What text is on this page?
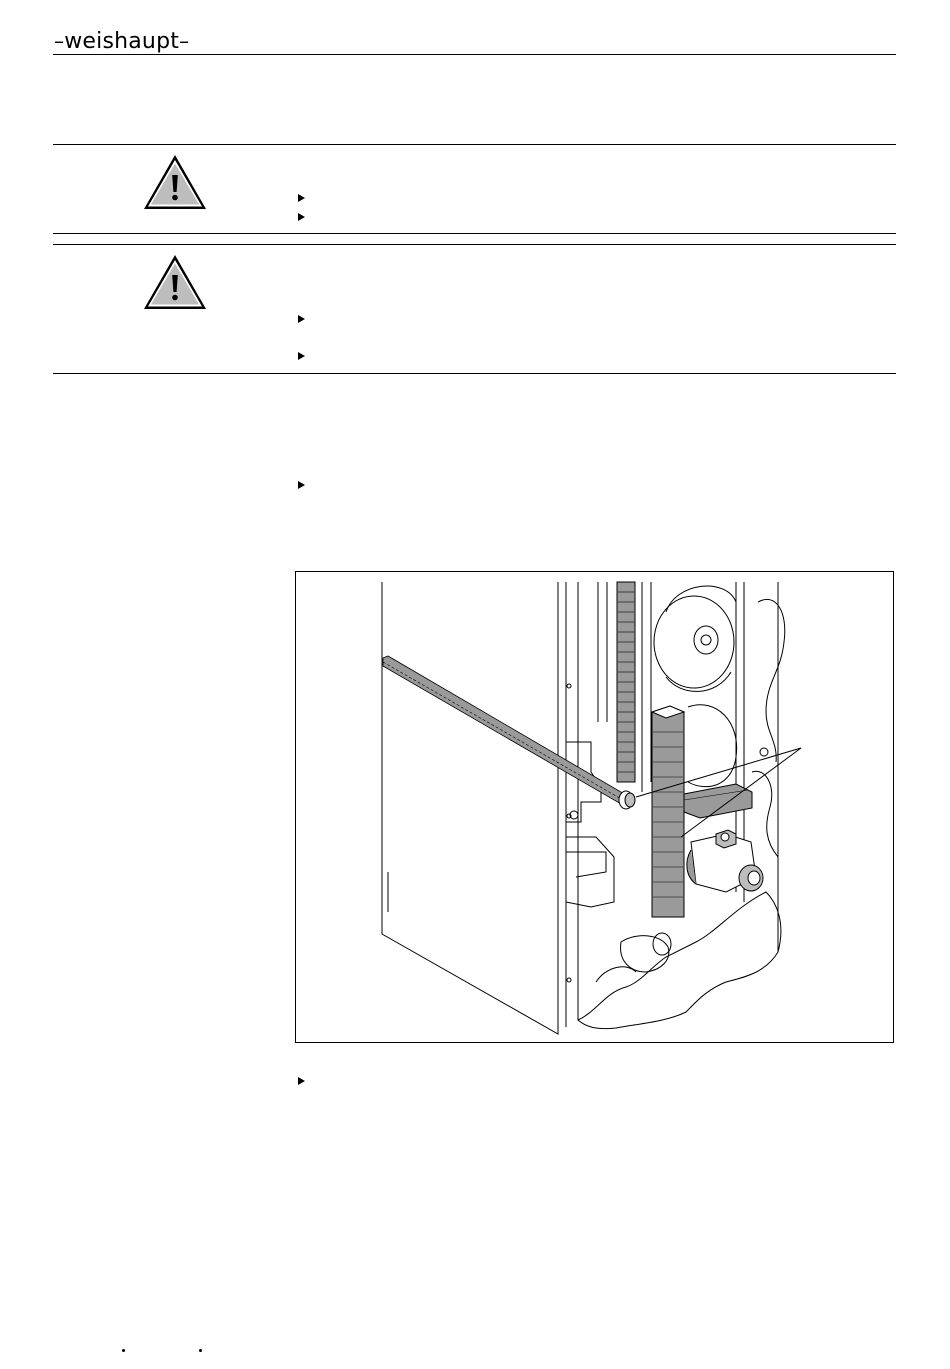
–weishaupt–
